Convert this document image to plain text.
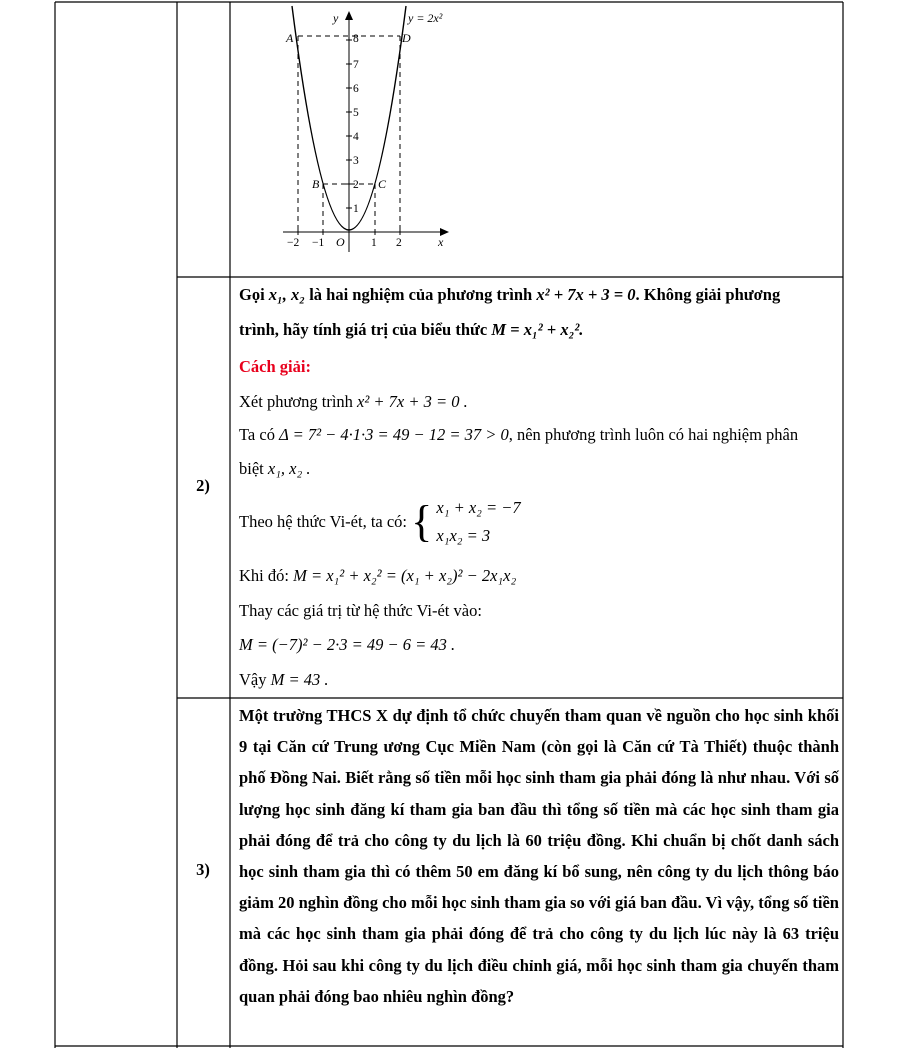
y
x
O
y = 2x²
A	D
B	C
1
2
3
4
5
6
7
8
−2 −1	1 2
2)
Gọi x₁, x₂ là hai nghiệm của phương trình x² + 7x + 3 = 0. Không giải phương
trình, hãy tính giá trị của biểu thức M = x₁² + x₂².
Cách giải:
Xét phương trình x² + 7x + 3 = 0 .
Ta có Δ = 7² − 4·1·3 = 49 − 12 = 37 > 0, nên phương trình luôn có hai nghiệm phân
biệt x₁, x₂ .
Theo hệ thức Vi-ét, ta có: { x₁ + x₂ = −7
x₁x₂ = 3
Khi đó: M = x₁² + x₂² = (x₁ + x₂)² − 2x₁x₂
Thay các giá trị từ hệ thức Vi-ét vào:
M = (−7)² − 2·3 = 49 − 6 = 43 .
Vậy M = 43 .
3)
Một trường THCS X dự định tổ chức chuyến tham quan về nguồn cho học sinh khối 9 tại Căn cứ Trung ương Cục Miền Nam (còn gọi là Căn cứ Tà Thiết) thuộc thành phố Đồng Nai. Biết rằng số tiền mỗi học sinh tham gia phải đóng là như nhau. Với số lượng học sinh đăng kí tham gia ban đầu thì tổng số tiền mà các học sinh tham gia phải đóng để trả cho công ty du lịch là 60 triệu đồng. Khi chuẩn bị chốt danh sách học sinh tham gia thì có thêm 50 em đăng kí bổ sung, nên công ty du lịch thông báo giảm 20 nghìn đồng cho mỗi học sinh tham gia so với giá ban đầu. Vì vậy, tổng số tiền mà các học sinh tham gia phải đóng để trả cho công ty du lịch lúc này là 63 triệu đồng. Hỏi sau khi công ty du lịch điều chỉnh giá, mỗi học sinh tham gia chuyến tham quan phải đóng bao nhiêu nghìn đồng?
